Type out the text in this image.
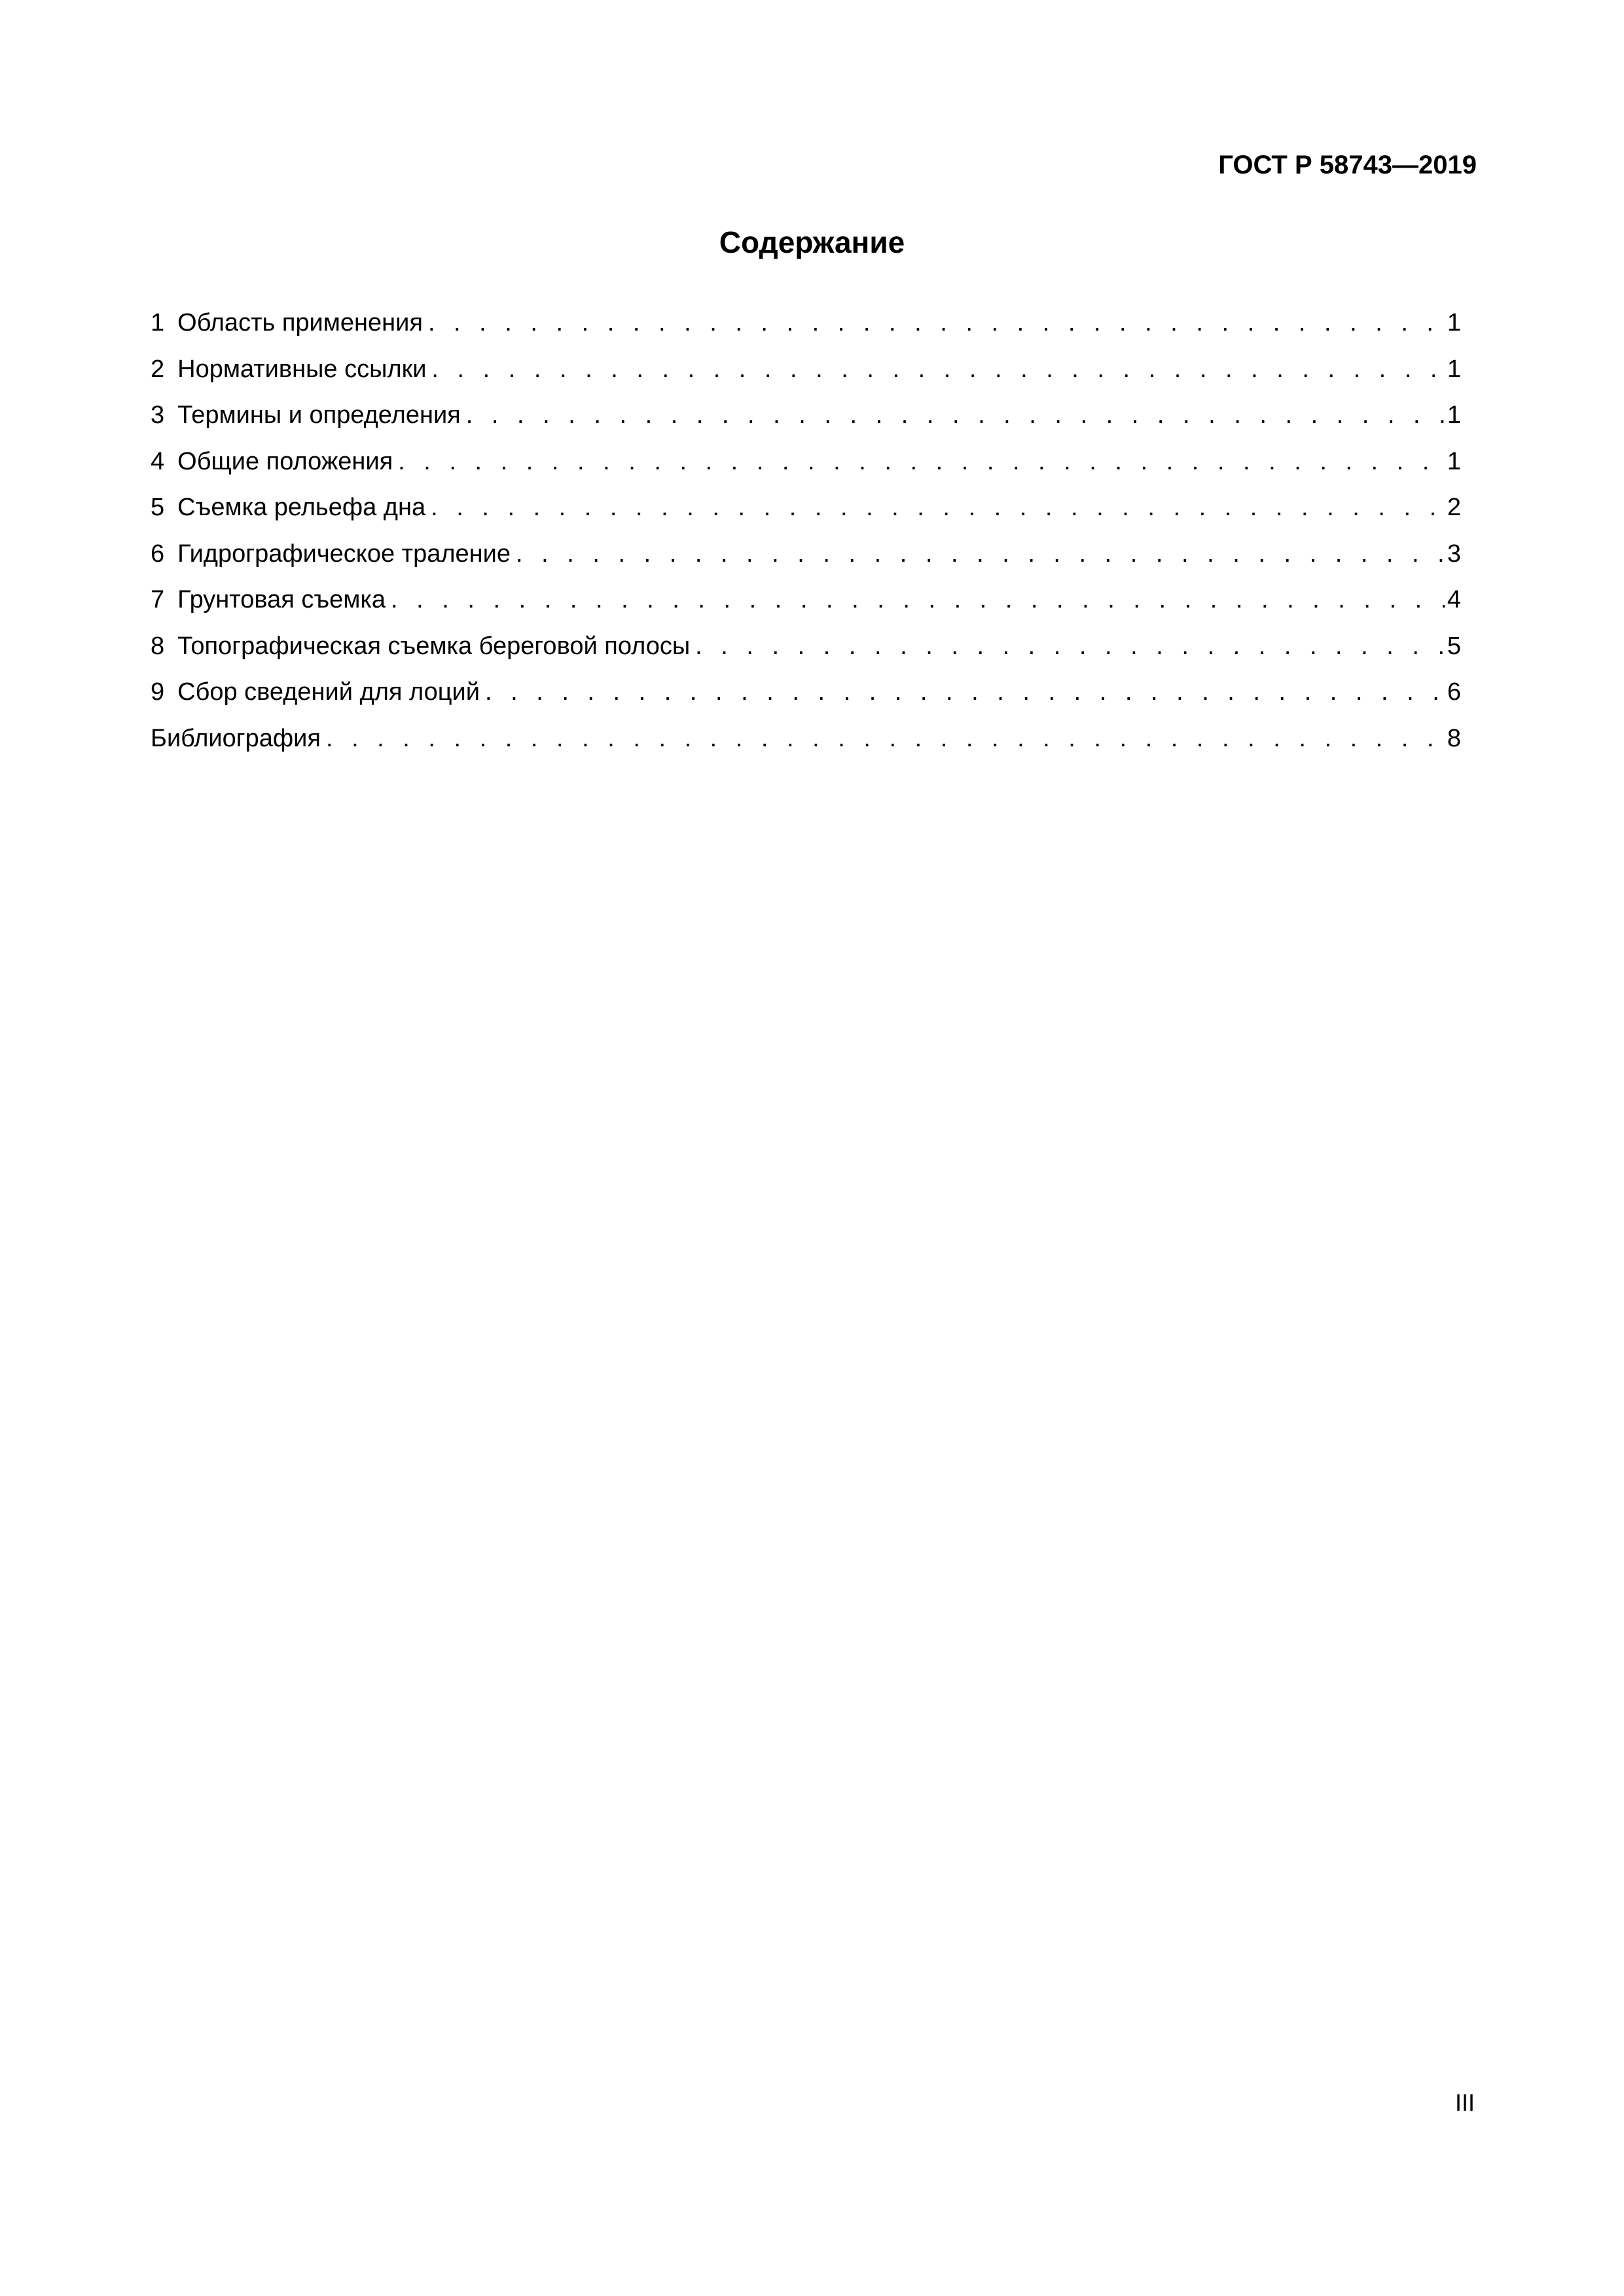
ГОСТ Р 58743—2019
Содержание
1 Область применения . . .	1
2 Нормативные ссылки . . .	1
3 Термины и определения . . .	1
4 Общие положения . . .	1
5 Съемка рельефа дна . . .	2
6 Гидрографическое траление . . .	3
7 Грунтовая съемка . . .	4
8 Топографическая съемка береговой полосы . . .	5
9 Сбор сведений для лоций . . .	6
Библиография . . .	8
III
